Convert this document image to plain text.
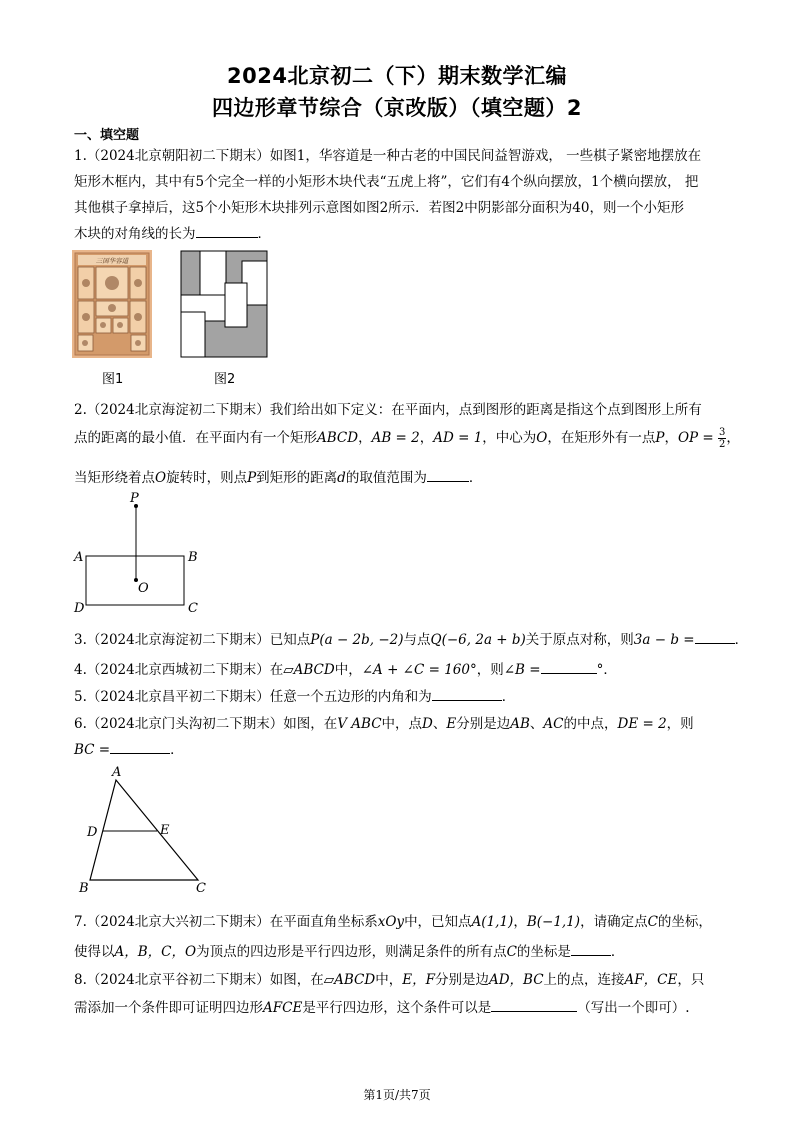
2024北京初二（下）期末数学汇编
四边形章节综合（京改版）（填空题）2
一、填空题
1.（2024北京朝阳初二下期末）如图1，华容道是一种古老的中国民间益智游戏， 一些棋子紧密地摆放在
矩形木框内，其中有5个完全一样的小矩形木块代表“五虎上将”，它们有4个纵向摆放，1个横向摆放， 把
其他棋子拿掉后，这5个小矩形木块排列示意图如图2所示．若图2中阴影部分面积为40，则一个小矩形
木块的对角线的长为	．
三国华容道
图1	图2
2.（2024北京海淀初二下期末）我们给出如下定义：在平面内，点到图形的距离是指这个点到图形上所有
点的距离的最小值．在平面内有一个矩形ABCD，AB = 2，AD = 1，中心为O，在矩形外有一点P，OP = $\frac{3}{2}$ ，
当矩形绕着点O旋转时，则点P到矩形的距离d的取值范围为	．
P
A	B
O
D	C
3.（2024北京海淀初二下期末）已知点P(a − 2b, −2)与点Q(−6, 2a + b)关于原点对称，则3a − b =	．
4.（2024北京西城初二下期末）在▱ABCD中，∠A + ∠C = 160°，则∠B =	°．
5.（2024北京昌平初二下期末）任意一个五边形的内角和为	．
6.（2024北京门头沟初二下期末）如图，在V ABC中，点D、E分别是边AB、AC的中点，DE = 2，则
BC =	．
A
D	E
B	C
7.（2024北京大兴初二下期末）在平面直角坐标系xOy中，已知点A(1,1)，B(−1,1)，请确定点C的坐标，
使得以A，B，C，O为顶点的四边形是平行四边形，则满足条件的所有点C的坐标是	．
8.（2024北京平谷初二下期末）如图，在▱ABCD中，E，F分别是边AD，BC上的点，连接AF，CE，只
需添加一个条件即可证明四边形AFCE是平行四边形，这个条件可以是	（写出一个即可）.
第1页/共7页
